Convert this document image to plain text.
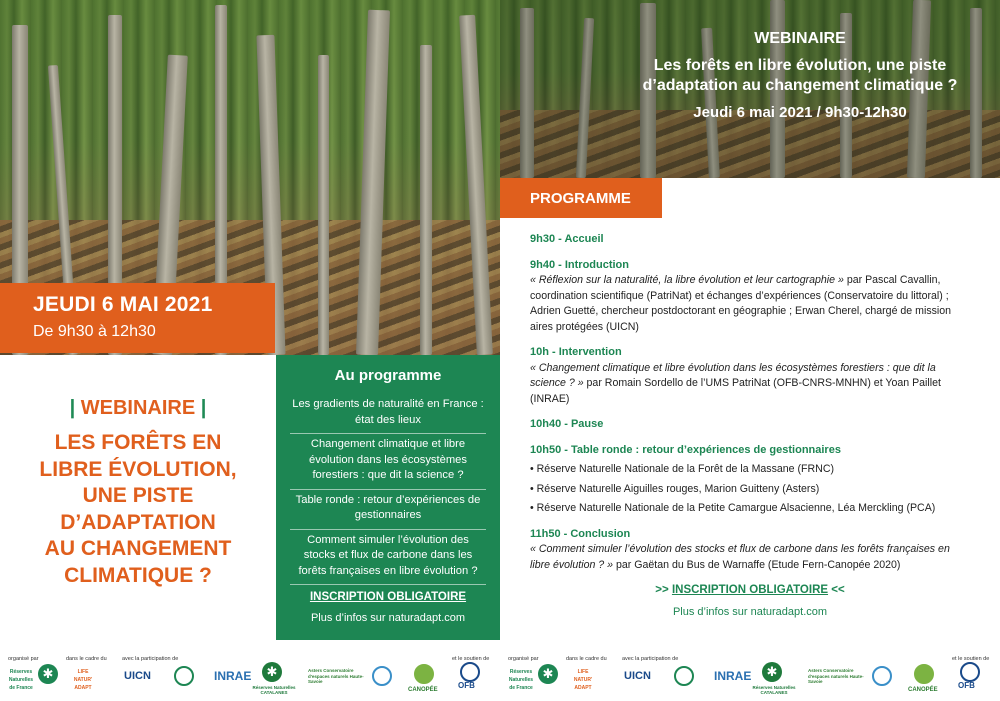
JEUDI 6 MAI 2021
De 9h30 à 12h30
| WEBINAIRE |
LES FORÊTS EN
LIBRE ÉVOLUTION,
UNE PISTE
D’ADAPTATION
AU CHANGEMENT
CLIMATIQUE ?
Au programme
Les gradients de naturalité en France : état des lieux
Changement climatique et libre évolution dans les écosystèmes forestiers : que dit la science ?
Table ronde : retour d’expériences de gestionnaires
Comment simuler l’évolution des stocks et flux de carbone dans les forêts françaises en libre évolution ?
INSCRIPTION OBLIGATOIRE
Plus d’infos sur naturadapt.com
WEBINAIRE
Les forêts en libre évolution, une piste
d’adaptation au changement climatique ?
Jeudi 6 mai 2021 / 9h30-12h30
PROGRAMME

9h30 - Accueil

9h40 - Introduction

« Réflexion sur la naturalité, la libre évolution et leur cartographie » par Pascal Cavallin, coordination scientifique (PatriNat) et échanges d’expériences (Conservatoire du littoral) ; Adrien Guetté, chercheur postdoctorant en géographie ; Erwan Cherel, chargé de mission aires protégées (UICN)

10h - Intervention

« Changement climatique et libre évolution dans les écosystèmes forestiers : que dit la science ? » par Romain Sordello de l’UMS PatriNat (OFB-CNRS-MNHN) et Yoan Paillet (INRAE)

10h40 - Pause

10h50 - Table ronde : retour d’expériences de gestionnaires

• Réserve Naturelle Nationale de la Forêt de la Massane (FRNC)

• Réserve Naturelle Aiguilles rouges, Marion Guitteny (Asters)

• Réserve Naturelle Nationale de la Petite Camargue Alsacienne, Léa Merckling (PCA)

11h50 - Conclusion

« Comment simuler l’évolution des stocks et flux de carbone dans les forêts françaises en libre évolution ? » par Gaëtan du Bus de Warnaffe (Etude Fern-Canopée 2020)

>> INSCRIPTION OBLIGATOIRE <<
Plus d’infos sur naturadapt.com
organisé par	dans le cadre du	avec la participation de	et le soutien de
Réserves Naturelles de France
✱
LIFE NATUR' ADAPT
UICN	INRAE
✱
Réserves Naturelles CATALANES
Asters Conservatoire d'espaces naturels Haute-Savoie
CANOPÉE	OFB
organisé par	dans le cadre du	avec la participation de	et le soutien de
Réserves Naturelles de France
✱
LIFE NATUR' ADAPT
UICN	INRAE
✱
Réserves Naturelles CATALANES
Asters Conservatoire d'espaces naturels Haute-Savoie
CANOPÉE	OFB
